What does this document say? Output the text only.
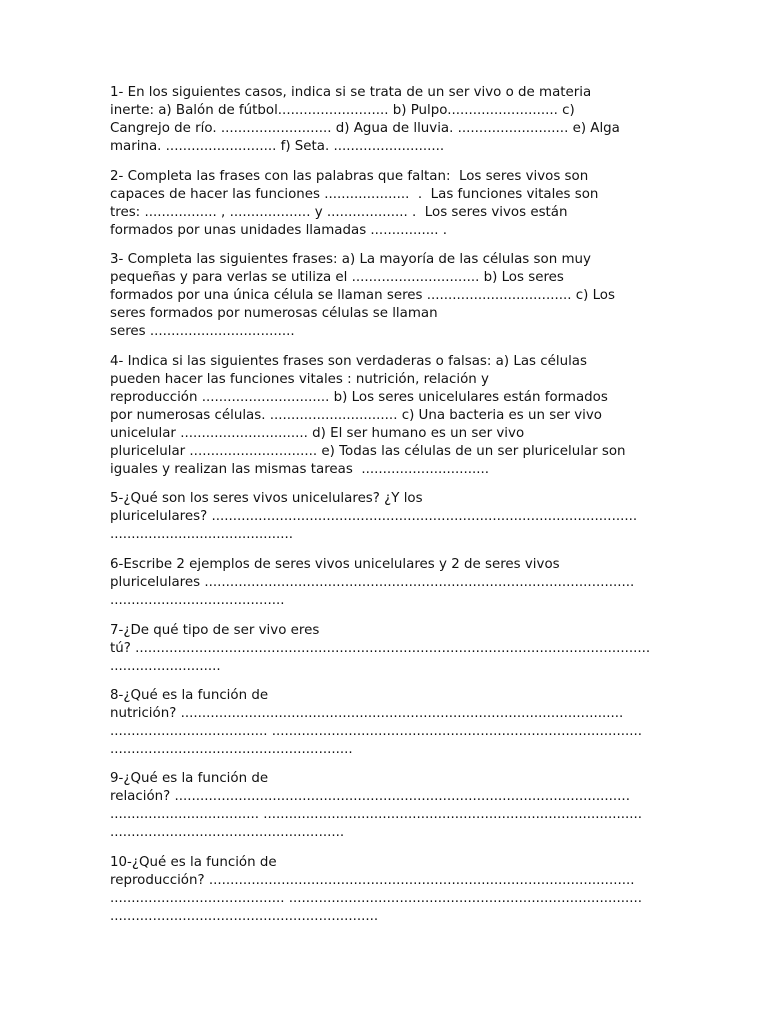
1- En los siguientes casos, indica si se trata de un ser vivo o de materia
inerte: a) Balón de fútbol.......................... b) Pulpo.......................... c)
Cangrejo de río. .......................... d) Agua de lluvia. .......................... e) Alga
marina. .......................... f) Seta. ..........................
2- Completa las frases con las palabras que faltan:  Los seres vivos son
capaces de hacer las funciones ....................  .  Las funciones vitales son
tres: ................. , ................... y ................... .  Los seres vivos están
formados por unas unidades llamadas ................ .
3- Completa las siguientes frases: a) La mayoría de las células son muy
pequeñas y para verlas se utiliza el .............................. b) Los seres
formados por una única célula se llaman seres .................................. c) Los
seres formados por numerosas células se llaman
seres ..................................
4- Indica si las siguientes frases son verdaderas o falsas: a) Las células
pueden hacer las funciones vitales : nutrición, relación y
reproducción .............................. b) Los seres unicelulares están formados
por numerosas células. .............................. c) Una bacteria es un ser vivo
unicelular .............................. d) El ser humano es un ser vivo
pluricelular .............................. e) Todas las células de un ser pluricelular son
iguales y realizan las mismas tareas  ..............................
5-¿Qué son los seres vivos unicelulares? ¿Y los
pluricelulares? ....................................................................................................
...........................................
6-Escribe 2 ejemplos de seres vivos unicelulares y 2 de seres vivos
pluricelulares .....................................................................................................
.........................................
7-¿De qué tipo de ser vivo eres
tú? .........................................................................................................................
..........................
8-¿Qué es la función de
nutrición? ........................................................................................................
..................................... .......................................................................................
.........................................................
9-¿Qué es la función de
relación? ...........................................................................................................
................................... .........................................................................................
.......................................................
10-¿Qué es la función de
reproducción? ....................................................................................................
......................................... ...................................................................................
...............................................................
